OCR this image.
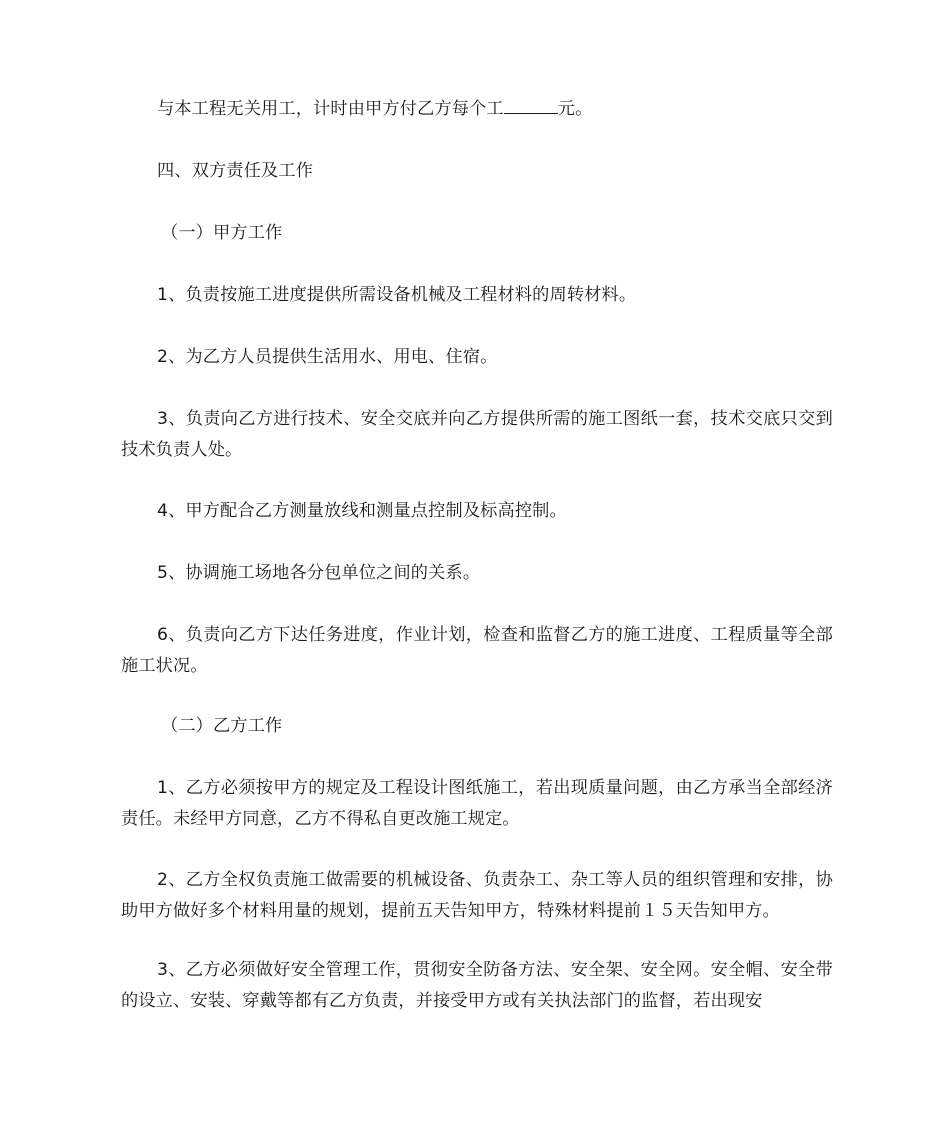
与本工程无关用工，计时由甲方付乙方每个工	元。

四、双方责任及工作

（一）甲方工作

1、负责按施工进度提供所需设备机械及工程材料的周转材料。

2、为乙方人员提供生活用水、用电、住宿。

3、负责向乙方进行技术、安全交底并向乙方提供所需的施工图纸一套，技术交底只交到技术负责人处。

4、甲方配合乙方测量放线和测量点控制及标高控制。

5、协调施工场地各分包单位之间的关系。

6、负责向乙方下达任务进度，作业计划，检查和监督乙方的施工进度、工程质量等全部施工状况。

（二）乙方工作

1、乙方必须按甲方的规定及工程设计图纸施工，若出现质量问题，由乙方承当全部经济责任。未经甲方同意，乙方不得私自更改施工规定。

2、乙方全权负责施工做需要的机械设备、负责杂工、杂工等人员的组织管理和安排，协助甲方做好多个材料用量的规划，提前五天告知甲方，特殊材料提前１５天告知甲方。

3、乙方必须做好安全管理工作，贯彻安全防备方法、安全架、安全网。安全帽、安全带的设立、安装、穿戴等都有乙方负责，并接受甲方或有关执法部门的监督，若出现安
